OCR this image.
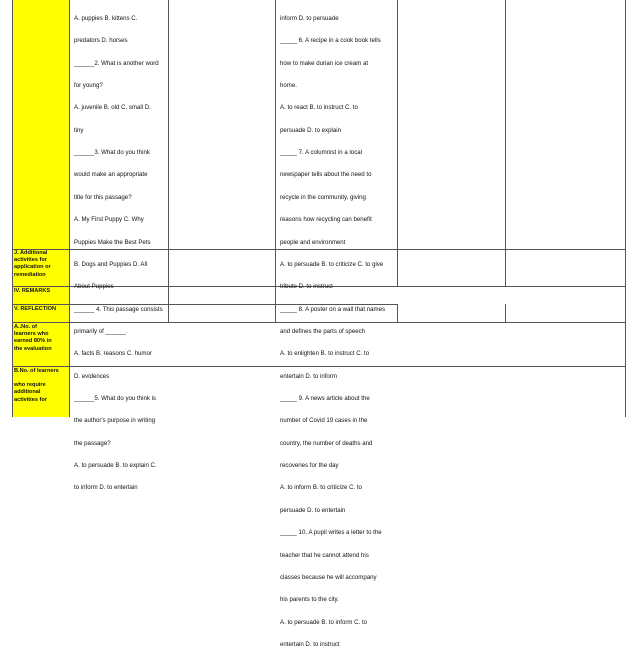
A. puppies B. kittens C.

predators D. horses

______2. What is another word

for young?

A. juvenile B. old C. small D.

tiny

______3. What do you think

would make an appropriate

title for this passage?

A. My First Puppy C. Why

Puppies Make the Best Pets

B. Dogs and Puppies D. All

About Puppies

______ 4. This passage consists

primarily of ______.

A. facts B. reasons C. humor

D. evidences

______5. What do you think is

the author's purpose in writing

the passage?

A. to persuade B. to explain C.

to inform D. to entertain

inform D. to persuade

_____ 6. A recipe in a cook book tells

how to make durian ice cream at

home.

A. to react B. to instruct C. to

persuade D. to explain

_____ 7. A columnist in a local

newspaper tells about the need to

recycle in the community, giving

reasons how recycling can benefit

people and environment

A. to persuade B. to criticize C. to give

tribute D. to instruct

_____ 8. A poster on a wall that names

and defines the parts of speech

A. to enlighten B. to instruct C. to

entertain D. to inform

_____ 9. A news article about the

number of Covid 19 cases in the

country, the number of deaths and

recoveries for the day

A. to inform B. to criticize C. to

persuade D. to entertain

_____ 10. A pupil writes a letter to the

teacher that he cannot attend his

classes because he will accompany

his parents to the city.

A. to persuade B. to inform C. to

entertain D. to instruct

J. Additional
activities for
application or
remediation
IV. REMARKS
V. REFLECTION
A..No. of
learners who
earned 80% in
the evaluation
B.No. of learners
who require
additional
activities for
